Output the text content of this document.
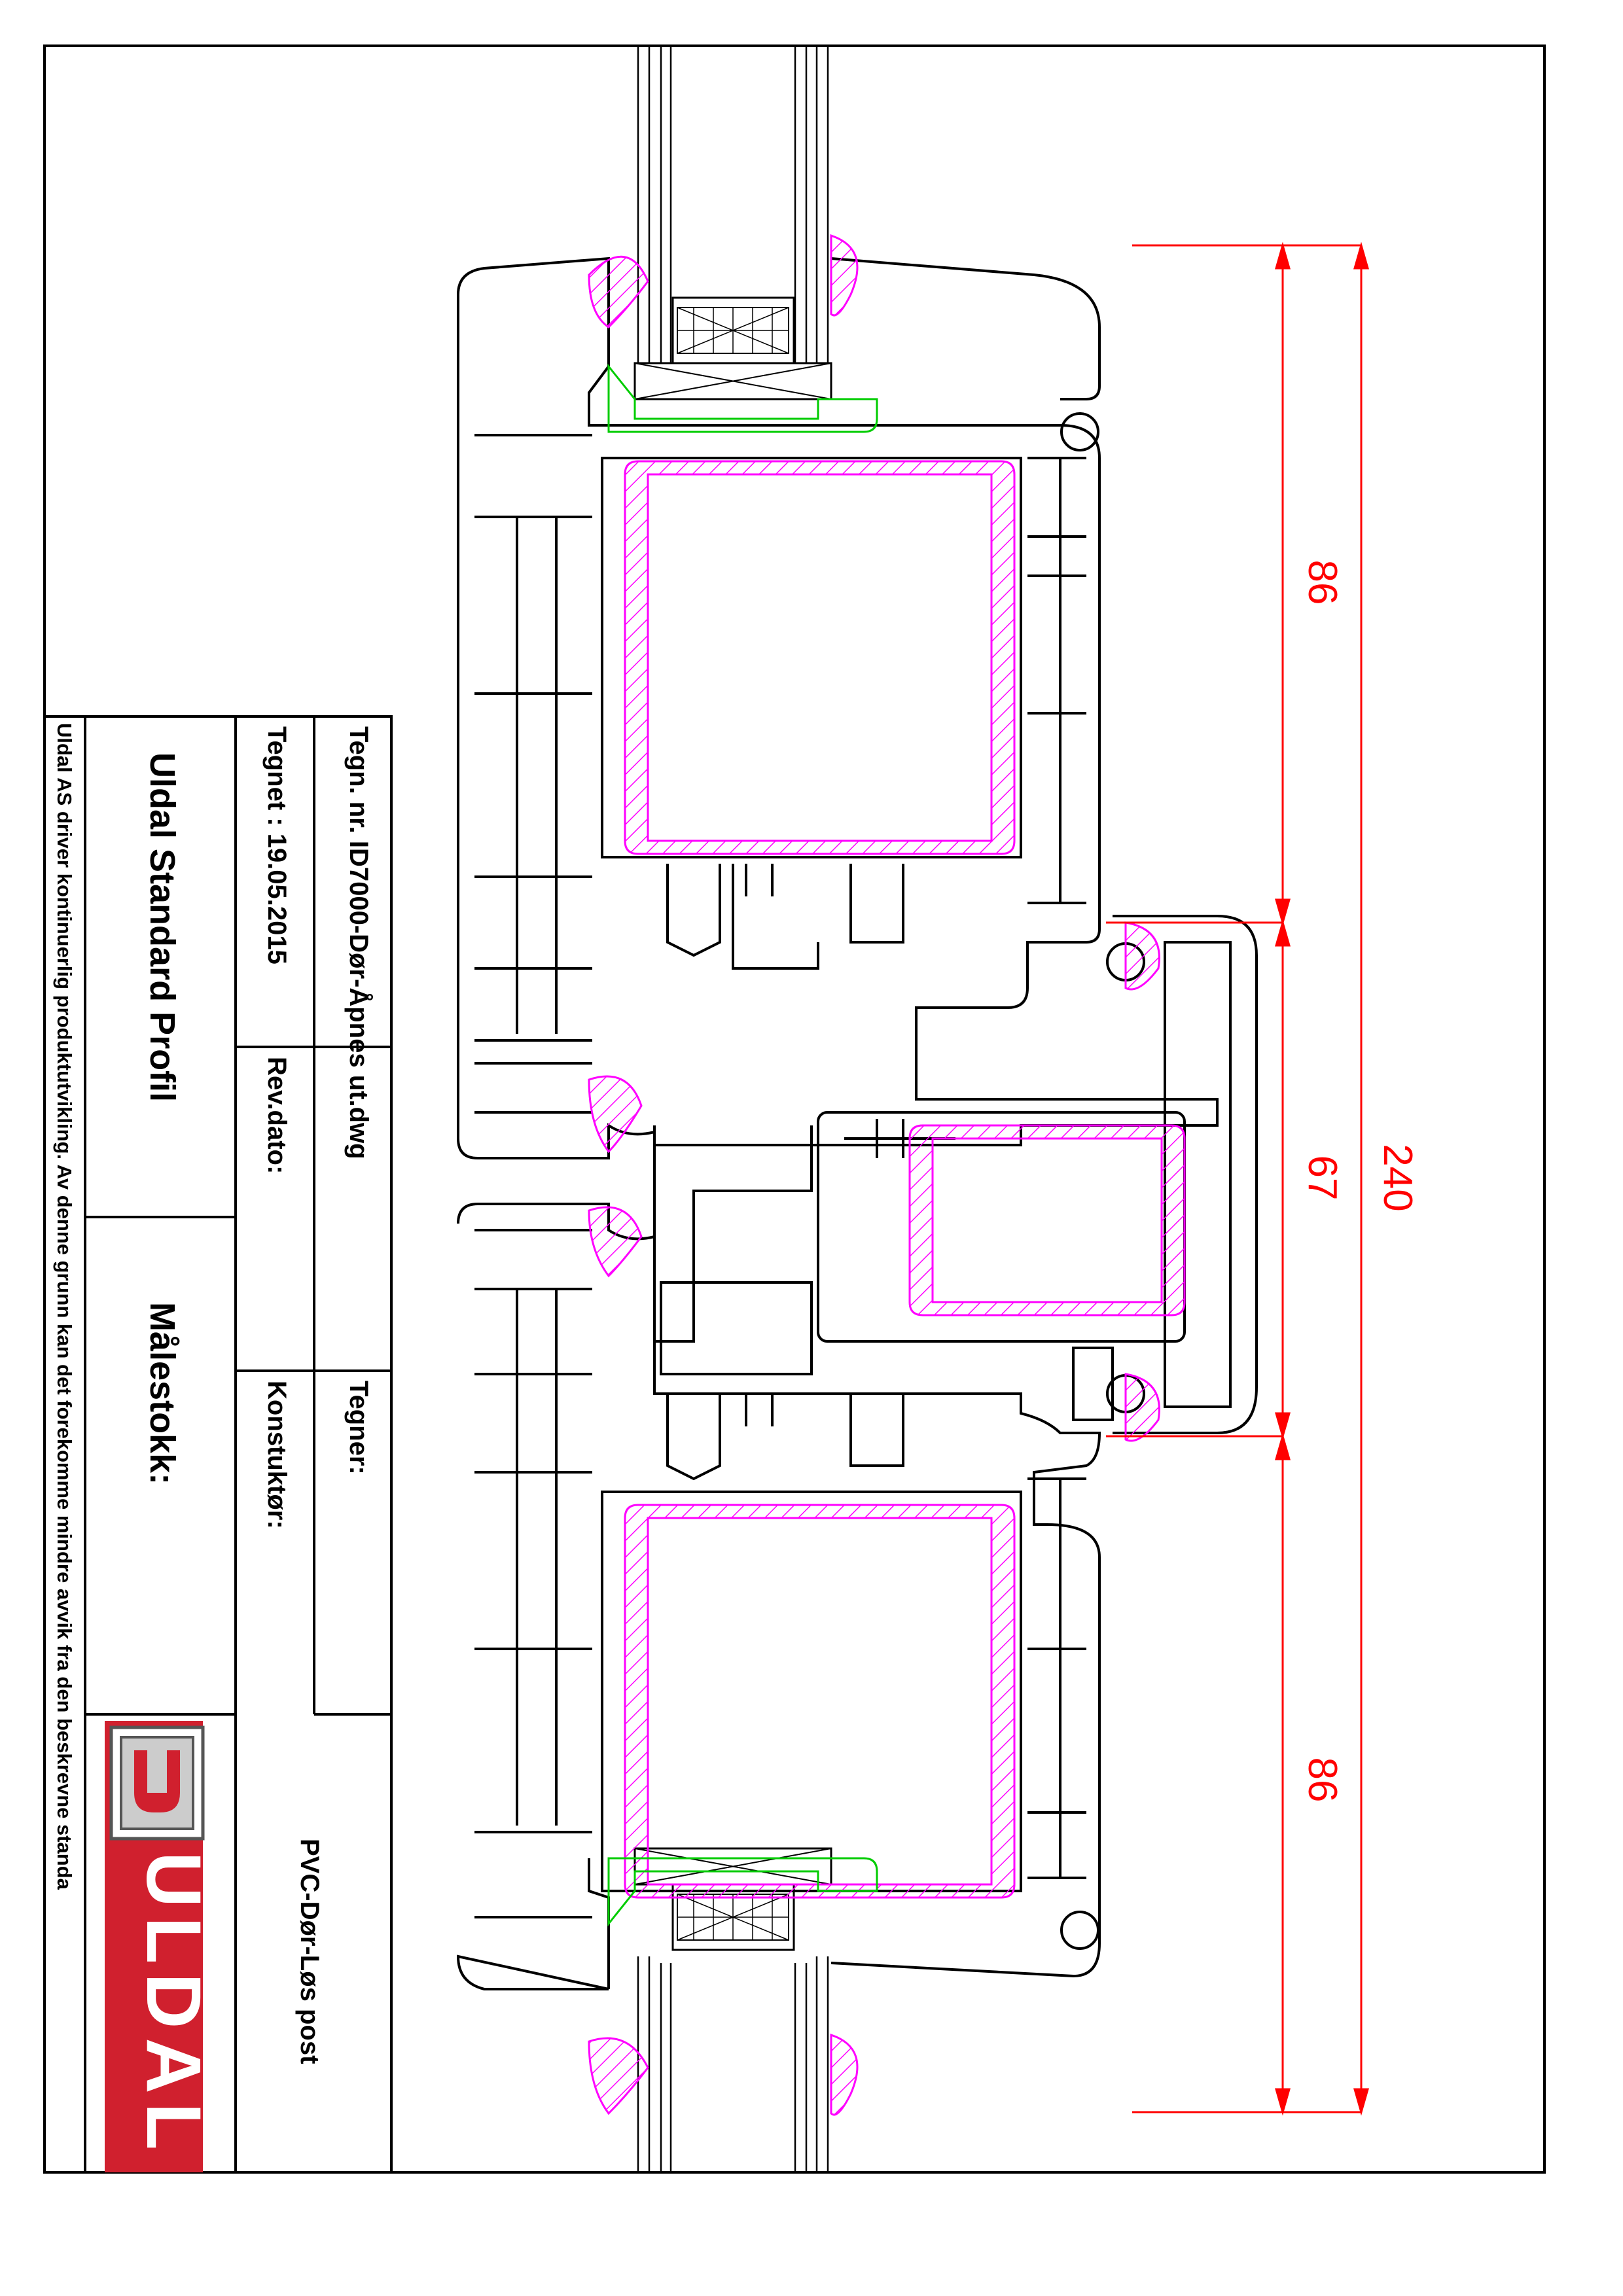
86
67
86
240
Tegn. nr. ID7000-Dør-Åpnes ut.dwg
Tegnet : 19.05.2015
Rev.dato:
Tegner:
Konstuktør:
Uldal Standard Profil
Målestokk:
PVC-Dør-Løs post
Uldal AS driver kontinuerlig produktutvikling. Av denne grunn kan det forekomme mindre avvik fra den beskrevne standa
ULDAL
